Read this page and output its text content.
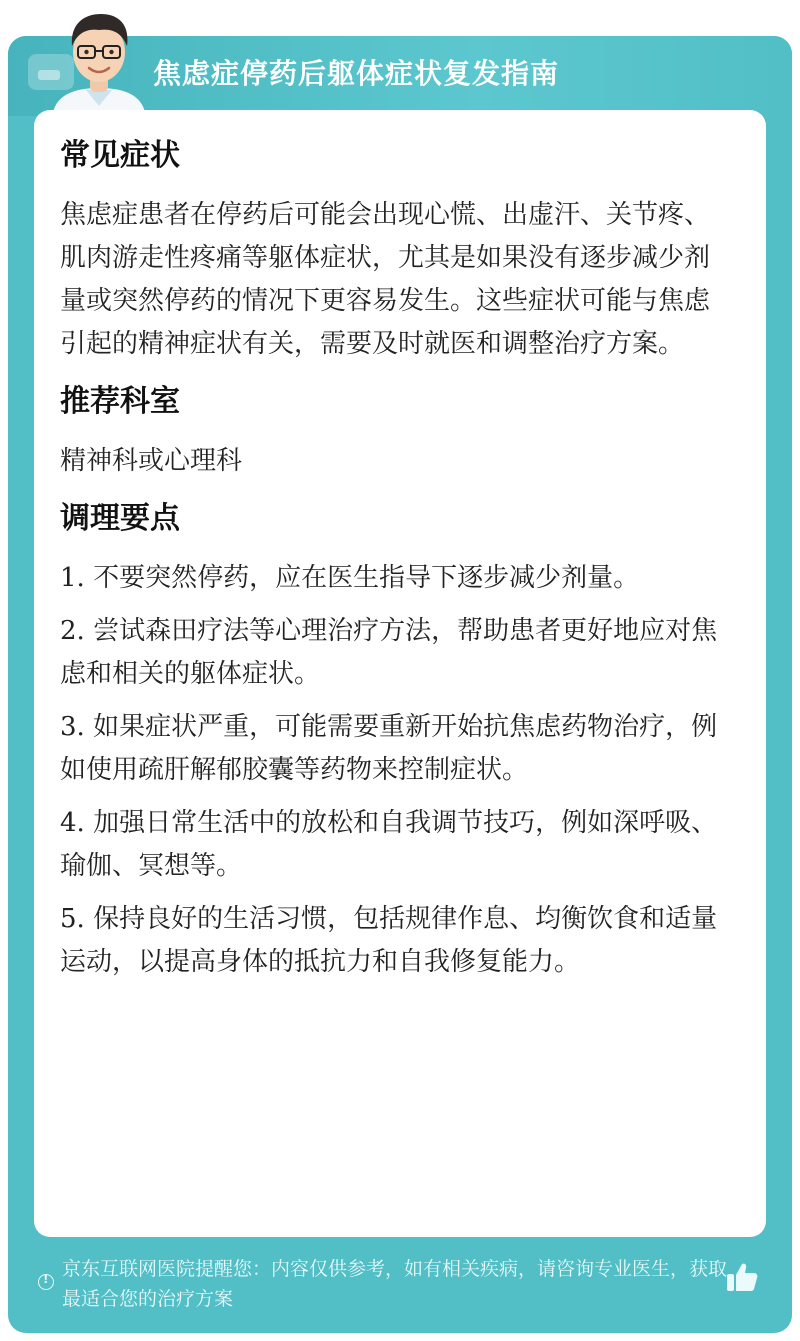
焦虑症停药后躯体症状复发指南
常见症状
焦虑症患者在停药后可能会出现心慌、出虚汗、关节疼、肌肉游走性疼痛等躯体症状，尤其是如果没有逐步减少剂量或突然停药的情况下更容易发生。这些症状可能与焦虑引起的精神症状有关，需要及时就医和调整治疗方案。
推荐科室
精神科或心理科
调理要点
1. 不要突然停药，应在医生指导下逐步减少剂量。
2. 尝试森田疗法等心理治疗方法，帮助患者更好地应对焦虑和相关的躯体症状。
3. 如果症状严重，可能需要重新开始抗焦虑药物治疗，例如使用疏肝解郁胶囊等药物来控制症状。
4. 加强日常生活中的放松和自我调节技巧，例如深呼吸、瑜伽、冥想等。
5. 保持良好的生活习惯，包括规律作息、均衡饮食和适量运动，以提高身体的抵抗力和自我修复能力。
!
京东互联网医院提醒您：内容仅供参考，如有相关疾病，请咨询专业医生，获取最适合您的治疗方案
